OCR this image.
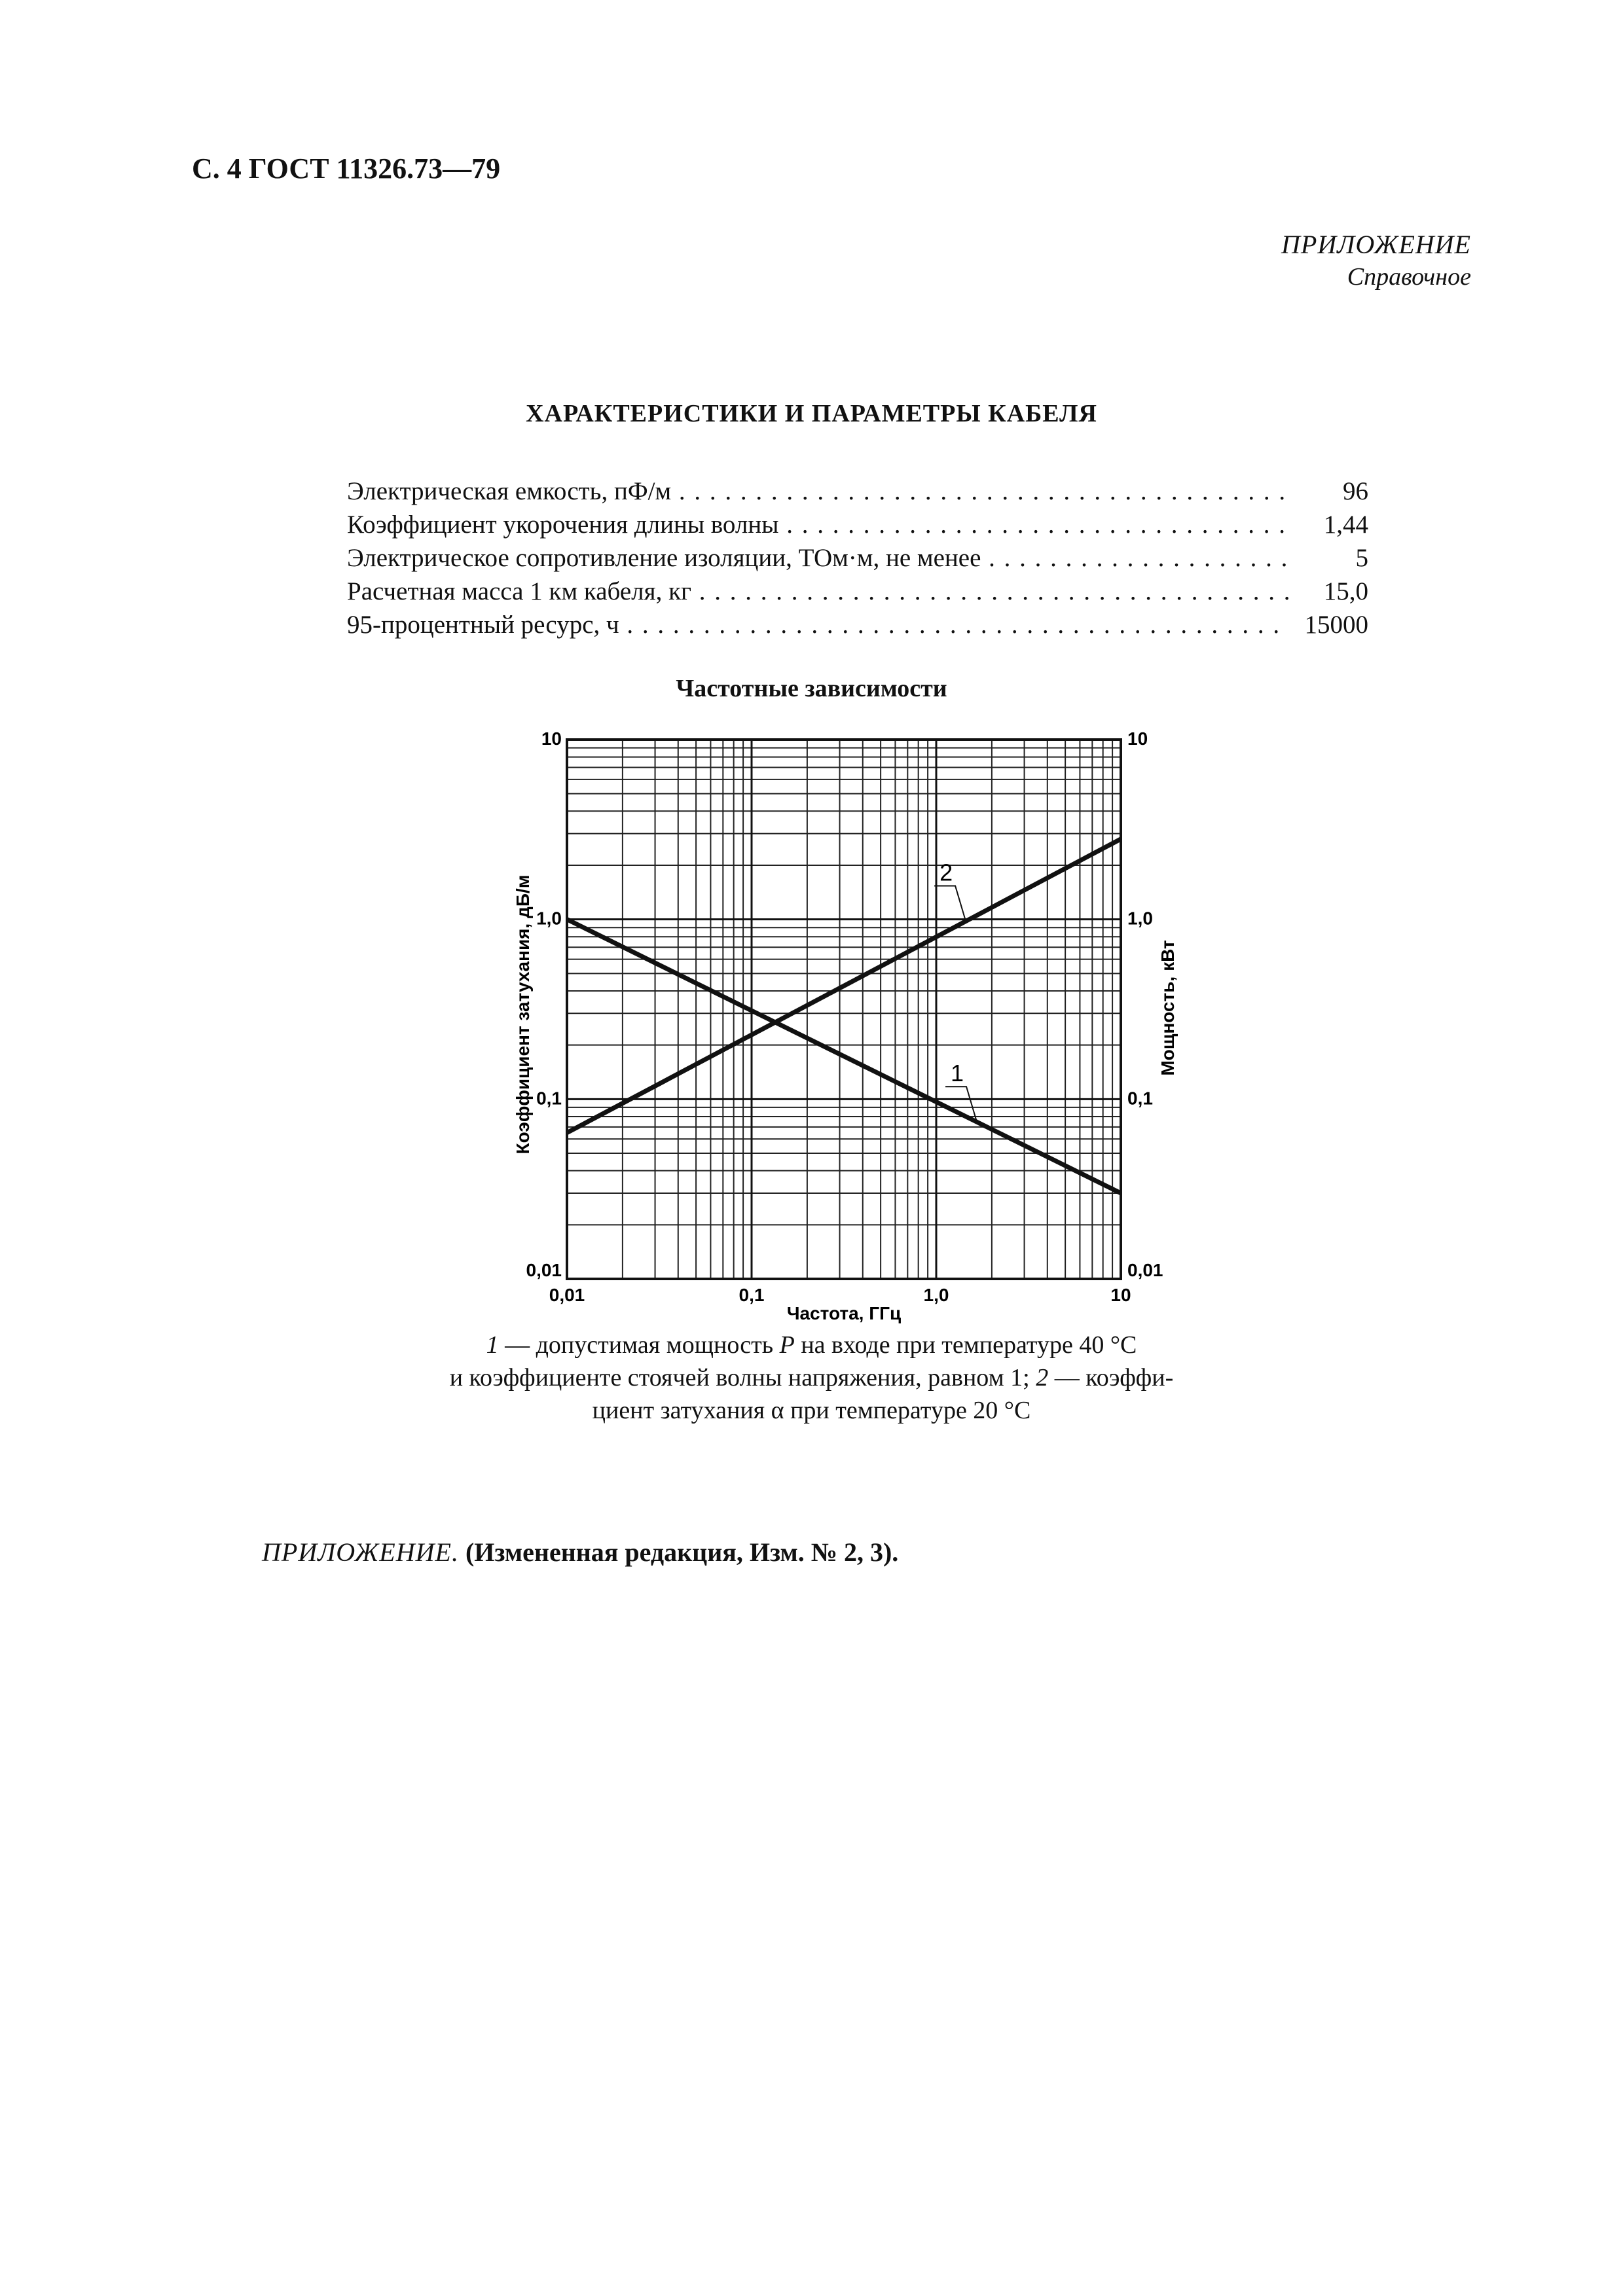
С. 4 ГОСТ 11326.73—79
ПРИЛОЖЕНИЕ
Справочное
ХАРАКТЕРИСТИКИ И ПАРАМЕТРЫ КАБЕЛЯ
Электрическая емкость, пФ/м . . .	96
Коэффициент укорочения длины волны . . .	1,44
Электрическое сопротивление изоляции, ТОм·м, не менее . . .	5
Расчетная масса 1 км кабеля, кг . . .	15,0
95-процентный ресурс, ч . . .	15000
Частотные зависимости
1
2
0,01	0,1	1,0	10
0,01
0,1
1,0
10
0,01
0,1
1,0
10
Частота, ГГц
Коэффициент затухания, дБ/м	Мощность, кВт
1 — допустимая мощность P на входе при температуре 40 °С
и коэффициенте стоячей волны напряжения, равном 1; 2 — коэффи-
циент затухания α при температуре 20 °С
ПРИЛОЖЕНИЕ. (Измененная редакция, Изм. № 2, 3).
